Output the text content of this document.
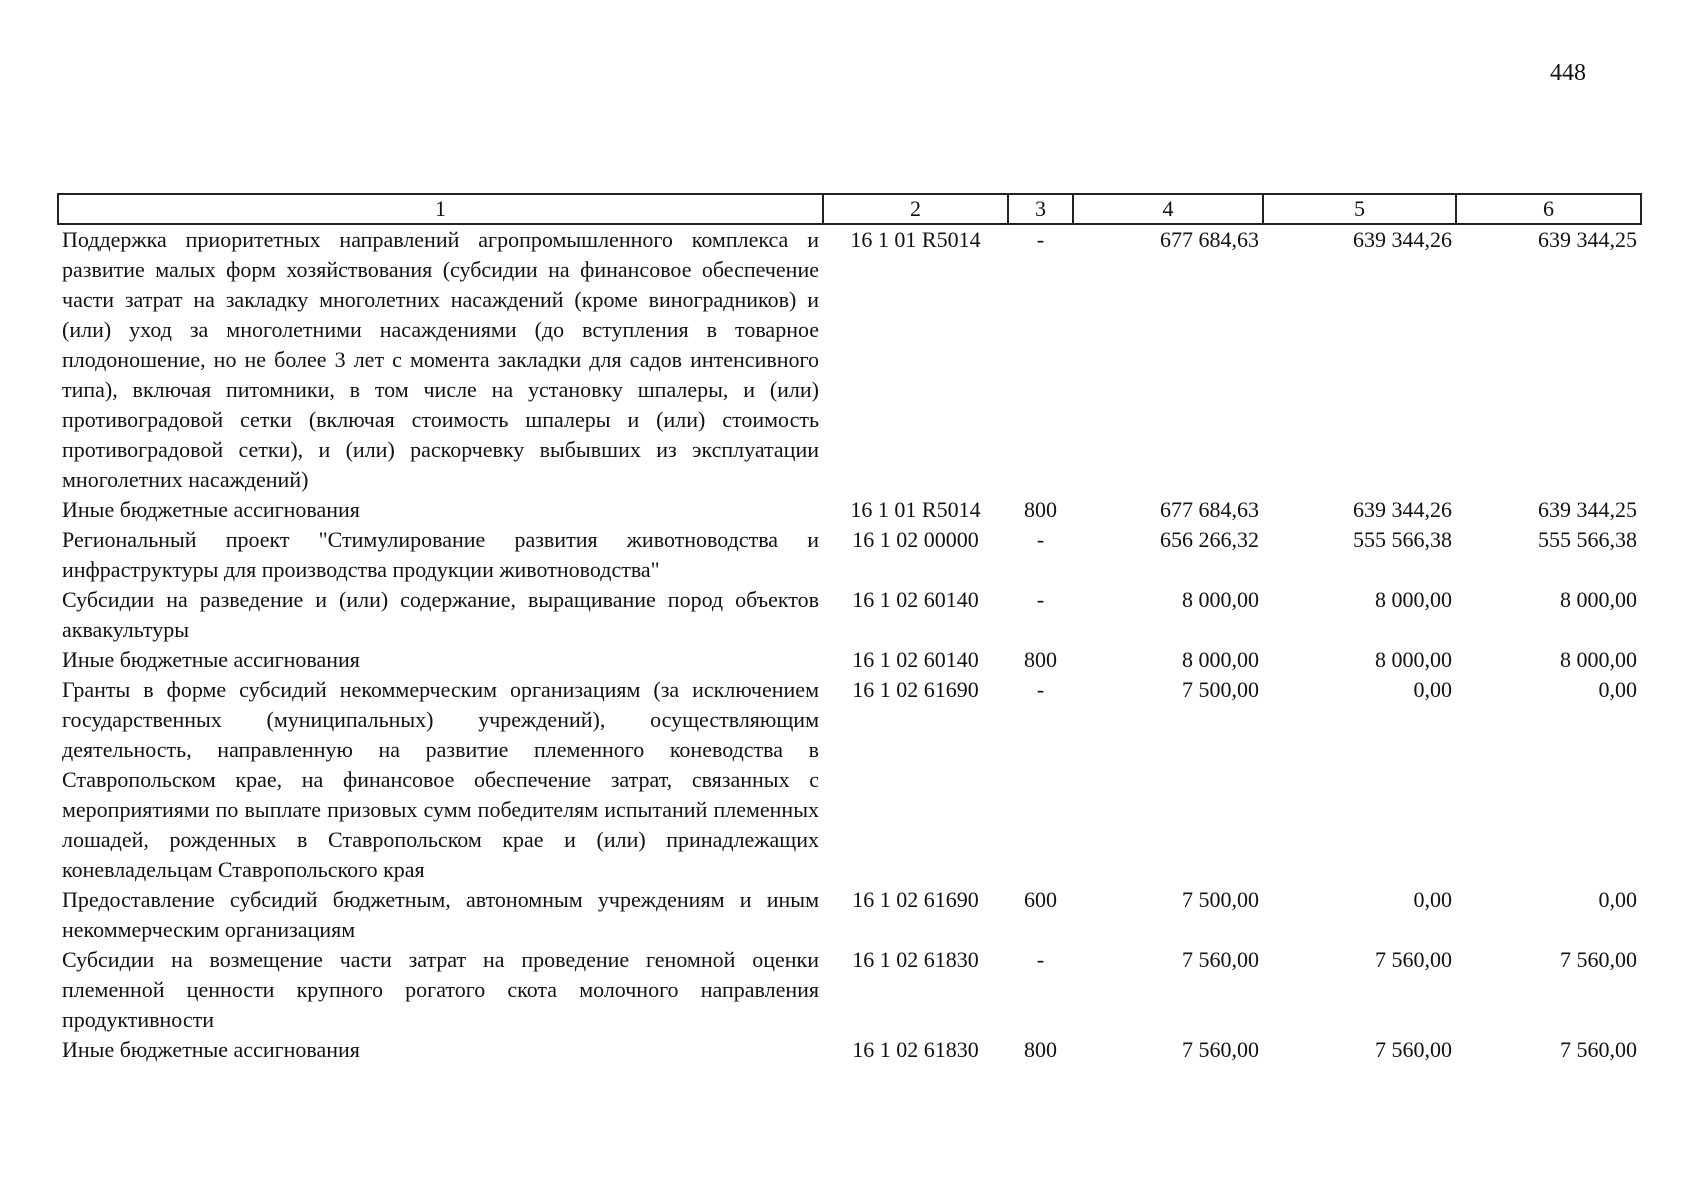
448
1	2	3	4	5	6
Поддержка приоритетных направлений агропромышленного комплекса и развитие малых форм хозяйствования (субсидии на финансовое обеспечение части затрат на закладку многолетних насаждений (кроме виноградников) и (или) уход за многолетними насаждениями (до вступления в товарное плодоношение, но не более 3 лет с момента закладки для садов интенсивного типа), включая питомники, в том числе на установку шпалеры, и (или) противоградовой сетки (включая стоимость шпалеры и (или) стоимость противоградовой сетки), и (или) раскорчевку выбывших из эксплуатации многолетних насаждений)	16 1 01 R5014	-	677 684,63	639 344,26	639 344,25
Иные бюджетные ассигнования	16 1 01 R5014	800	677 684,63	639 344,26	639 344,25
Региональный проект "Стимулирование развития животноводства и инфраструктуры для производства продукции животноводства"	16 1 02 00000	-	656 266,32	555 566,38	555 566,38
Субсидии на разведение и (или) содержание, выращивание пород объектов аквакультуры	16 1 02 60140	-	8 000,00	8 000,00	8 000,00
Иные бюджетные ассигнования	16 1 02 60140	800	8 000,00	8 000,00	8 000,00
Гранты в форме субсидий некоммерческим организациям (за исключением государственных (муниципальных) учреждений), осуществляющим деятельность, направленную на развитие племенного коневодства в Ставропольском крае, на финансовое обеспечение затрат, связанных с мероприятиями по выплате призовых сумм победителям испытаний племенных лошадей, рожденных в Ставропольском крае и (или) принадлежащих коневладельцам Ставропольского края	16 1 02 61690	-	7 500,00	0,00	0,00
Предоставление субсидий бюджетным, автономным учреждениям и иным некоммерческим организациям	16 1 02 61690	600	7 500,00	0,00	0,00
Субсидии на возмещение части затрат на проведение геномной оценки племенной ценности крупного рогатого скота молочного направления продуктивности	16 1 02 61830	-	7 560,00	7 560,00	7 560,00
Иные бюджетные ассигнования	16 1 02 61830	800	7 560,00	7 560,00	7 560,00
